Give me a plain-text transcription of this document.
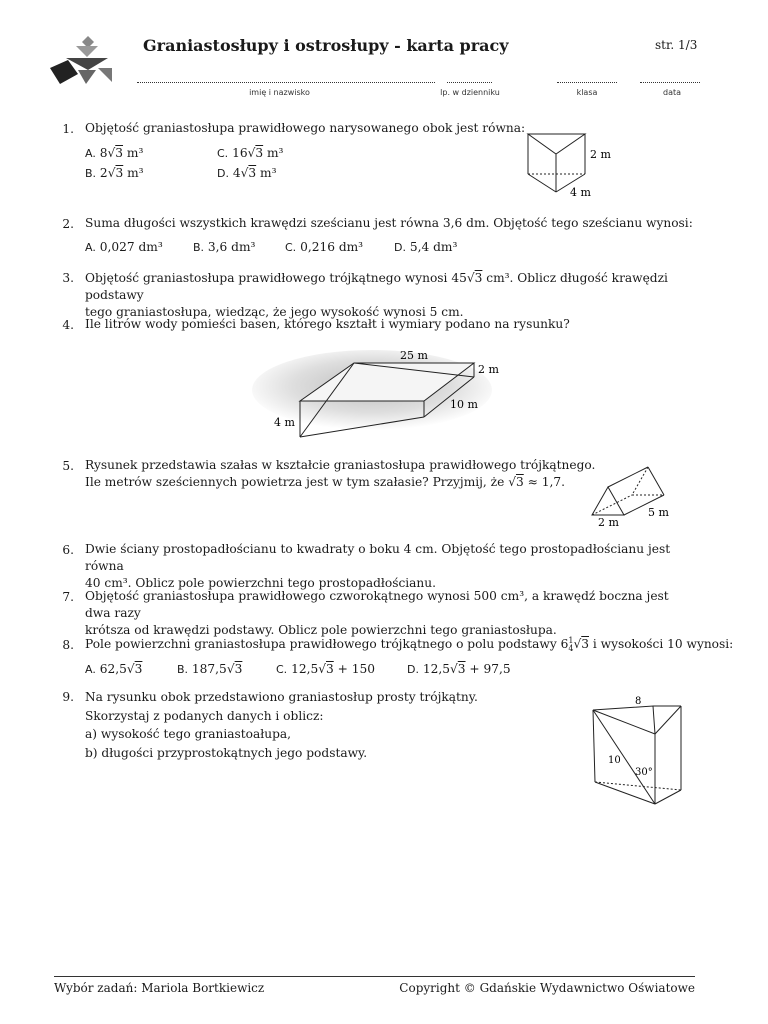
Graniastosłupy i ostrosłupy - karta pracy	str. 1/3
imię i nazwisko	lp. w dzienniku	klasa	data
1. Objętość graniastosłupa prawidłowego narysowanego obok jest równa:
A. 8√3 m³	C. 16√3 m³
B. 2√3 m³	D. 4√3 m³
2 m
4 m
2. Suma długości wszystkich krawędzi sześcianu jest równa 3,6 dm. Objętość tego sześcianu wynosi:
A. 0,027 dm³	B. 3,6 dm³	C. 0,216 dm³	D. 5,4 dm³
3. Objętość graniastosłupa prawidłowego trójkątnego wynosi 45√3 cm³. Oblicz długość krawędzi podstawy
tego graniastosłupa, wiedząc, że jego wysokość wynosi 5 cm.
4. Ile litrów wody pomieści basen, którego kształt i wymiary podano na rysunku?
25 m
2 m
10 m
4 m
5. Rysunek przedstawia szałas w kształcie graniastosłupa prawidłowego trójkątnego.
Ile metrów sześciennych powietrza jest w tym szałasie? Przyjmij, że √3 ≈ 1,7.
2 m
5 m
6. Dwie ściany prostopadłościanu to kwadraty o boku 4 cm. Objętość tego prostopadłościanu jest równa
40 cm³. Oblicz pole powierzchni tego prostopadłościanu.
7. Objętość graniastosłupa prawidłowego czworokątnego wynosi 500 cm³, a krawędź boczna jest dwa razy
krótsza od krawędzi podstawy. Oblicz pole powierzchni tego graniastosłupa.
8. Pole powierzchni graniastosłupa prawidłowego trójkątnego o polu podstawy 61
4√3 i wysokości 10 wynosi:
A. 62,5√3	B. 187,5√3	C. 12,5√3 + 150	D. 12,5√3 + 97,5
9. Na rysunku obok przedstawiono graniastosłup prosty trójkątny.
Skorzystaj z podanych danych i oblicz:
a) wysokość tego graniastoałupa,
b) długości przyprostokątnych jego podstawy.
8
10
30°
Wybór zadań: Mariola Bortkiewicz	Copyright © Gdańskie Wydawnictwo Oświatowe
